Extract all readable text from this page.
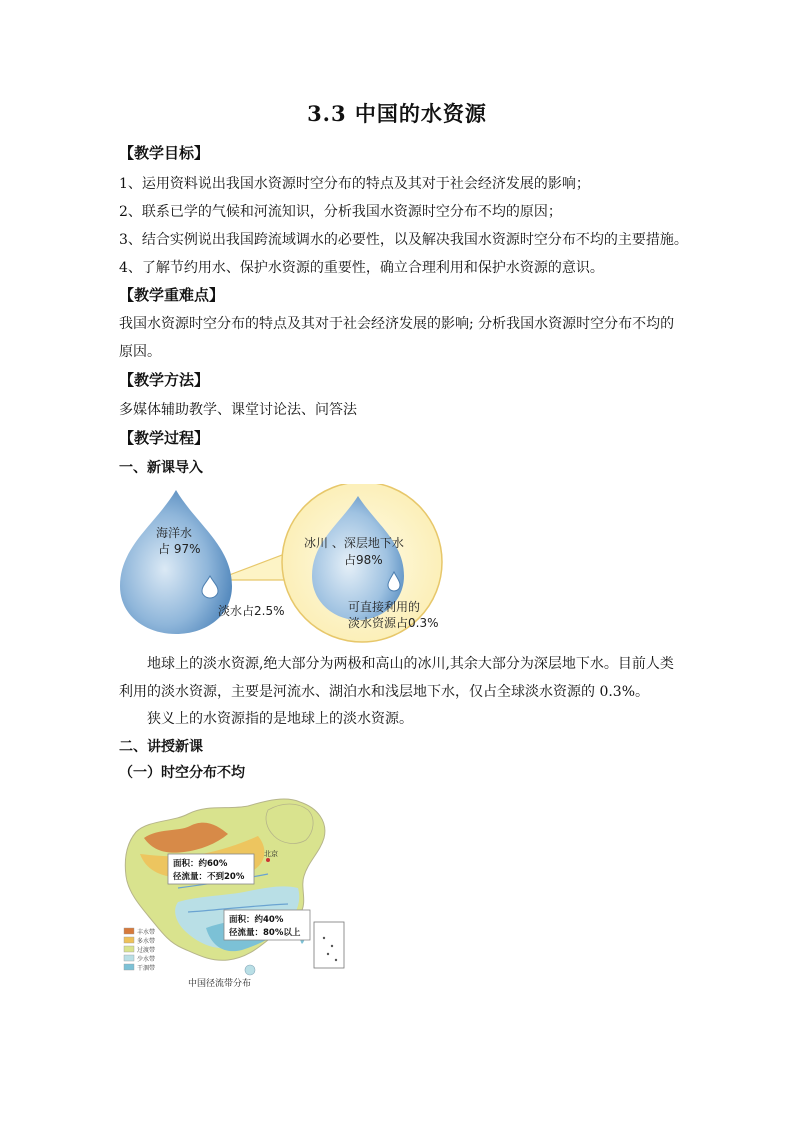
3.3 中国的水资源
【教学目标】
1、运用资料说出我国水资源时空分布的特点及其对于社会经济发展的影响；
2、联系已学的气候和河流知识，分析我国水资源时空分布不均的原因；
3、结合实例说出我国跨流域调水的必要性，以及解决我国水资源时空分布不均的主要措施。
4、了解节约用水、保护水资源的重要性，确立合理利用和保护水资源的意识。
【教学重难点】
我国水资源时空分布的特点及其对于社会经济发展的影响; 分析我国水资源时空分布不均的
原因。
【教学方法】
多媒体辅助教学、课堂讨论法、问答法
【教学过程】
一、新课导入
海洋水
占 97%
淡水占2.5%
冰川 、深层地下水
占98%
可直接利用的
淡水资源占0.3%
地球上的淡水资源,绝大部分为两极和高山的冰川,其余大部分为深层地下水。目前人类
利用的淡水资源，主要是河流水、湖泊水和浅层地下水，仅占全球淡水资源的 0.3%。
狭义上的水资源指的是地球上的淡水资源。
二、讲授新课
（一）时空分布不均
北京
面积：约60%
径流量：不到20%
面积：约40%
径流量：80%以上
丰水带
多水带
过渡带
少水带
干涸带
中国径流带分布
